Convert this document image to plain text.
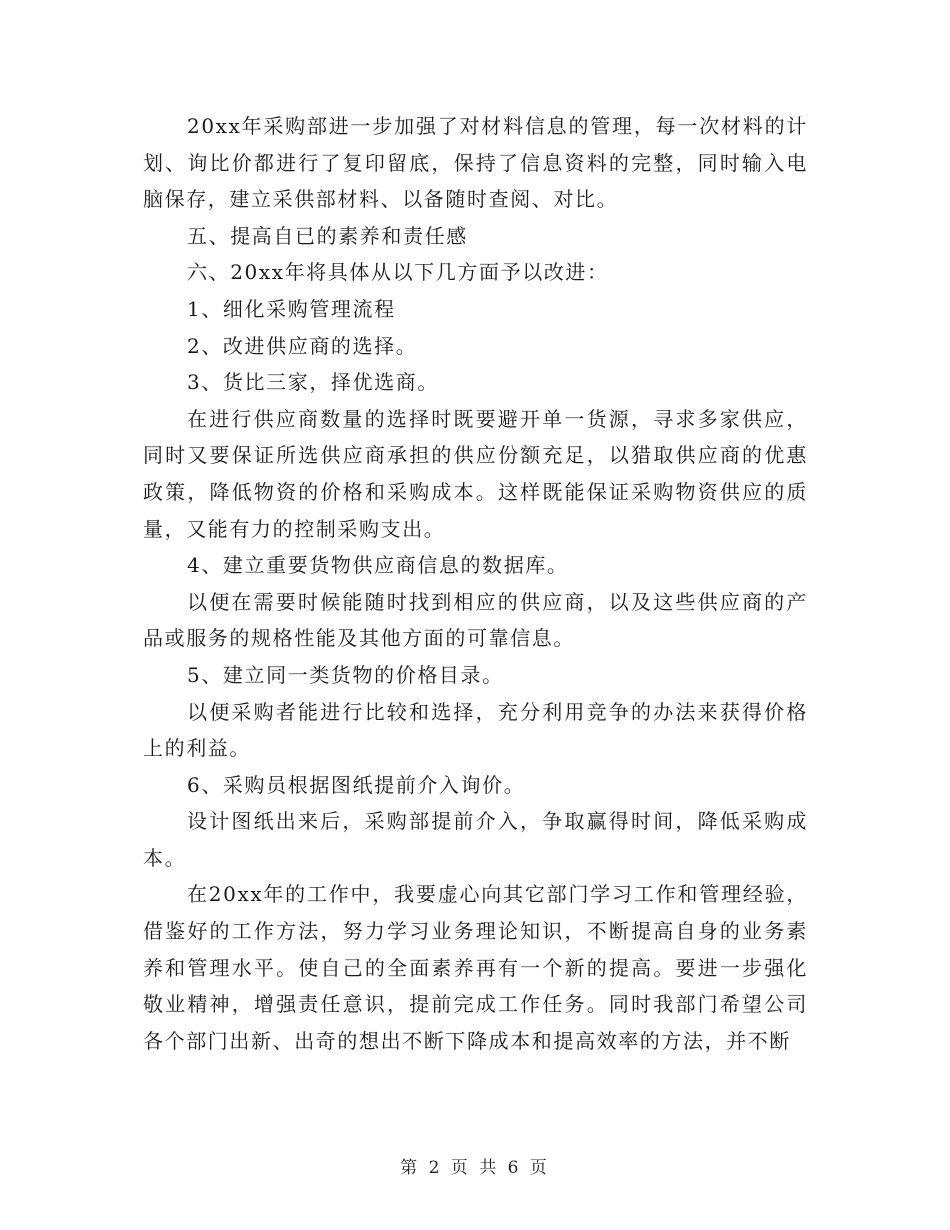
20xx年采购部进一步加强了对材料信息的管理，每一次材料的计划、询比价都进行了复印留底，保持了信息资料的完整，同时输入电脑保存，建立采供部材料、以备随时查阅、对比。

五、提高自已的素养和责任感

六、20xx年将具体从以下几方面予以改进：

1、细化采购管理流程

2、改进供应商的选择。

3、货比三家，择优选商。

在进行供应商数量的选择时既要避开单一货源，寻求多家供应，同时又要保证所选供应商承担的供应份额充足，以猎取供应商的优惠政策，降低物资的价格和采购成本。这样既能保证采购物资供应的质量，又能有力的控制采购支出。

4、建立重要货物供应商信息的数据库。

以便在需要时候能随时找到相应的供应商，以及这些供应商的产品或服务的规格性能及其他方面的可靠信息。

5、建立同一类货物的价格目录。

以便采购者能进行比较和选择，充分利用竞争的办法来获得价格上的利益。

6、采购员根据图纸提前介入询价。

设计图纸出来后，采购部提前介入，争取赢得时间，降低采购成本。

在20xx年的工作中，我要虚心向其它部门学习工作和管理经验，借鉴好的工作方法，努力学习业务理论知识，不断提高自身的业务素养和管理水平。使自己的全面素养再有一个新的提高。要进一步强化敬业精神，增强责任意识，提前完成工作任务。同时我部门希望公司各个部门出新、出奇的想出不断下降成本和提高效率的方法，并不断

第 2 页 共 6 页
